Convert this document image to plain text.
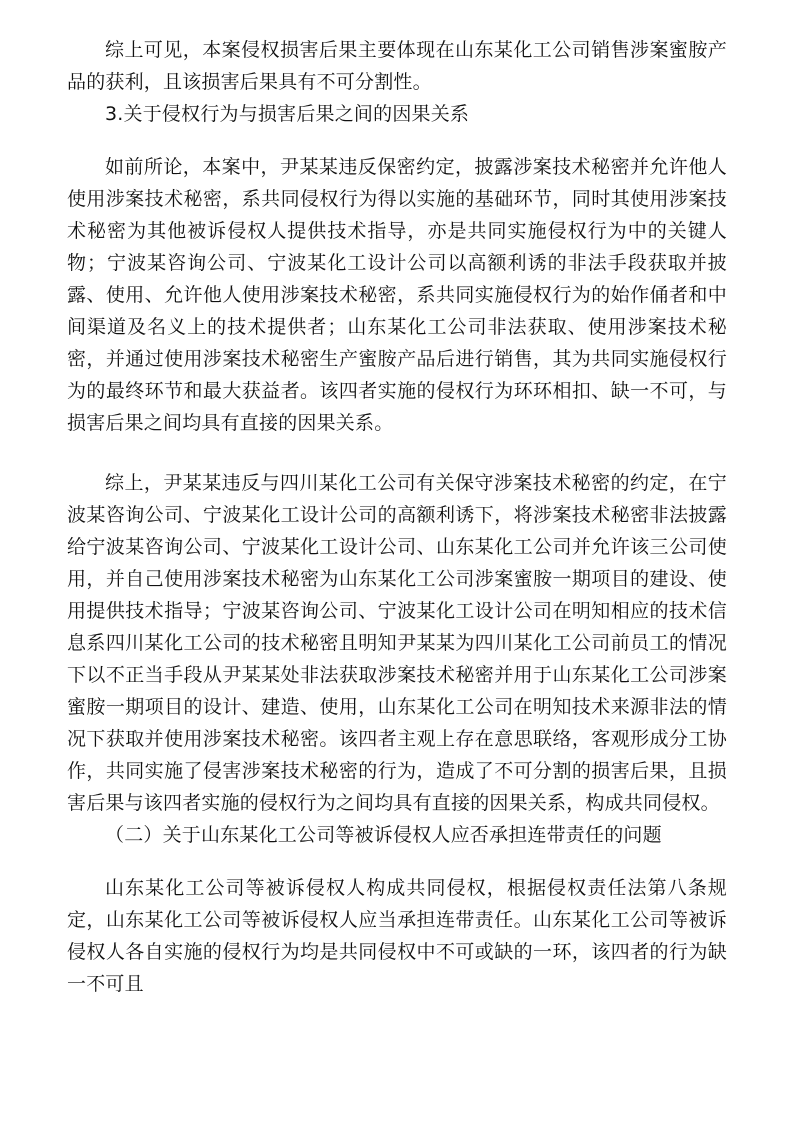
综上可见，本案侵权损害后果主要体现在山东某化工公司销售涉案蜜胺产品的获利，且该损害后果具有不可分割性。

3.关于侵权行为与损害后果之间的因果关系

如前所论，本案中，尹某某违反保密约定，披露涉案技术秘密并允许他人使用涉案技术秘密，系共同侵权行为得以实施的基础环节，同时其使用涉案技术秘密为其他被诉侵权人提供技术指导，亦是共同实施侵权行为中的关键人物；宁波某咨询公司、宁波某化工设计公司以高额利诱的非法手段获取并披露、使用、允许他人使用涉案技术秘密，系共同实施侵权行为的始作俑者和中间渠道及名义上的技术提供者；山东某化工公司非法获取、使用涉案技术秘密，并通过使用涉案技术秘密生产蜜胺产品后进行销售，其为共同实施侵权行为的最终环节和最大获益者。该四者实施的侵权行为环环相扣、缺一不可，与损害后果之间均具有直接的因果关系。

综上，尹某某违反与四川某化工公司有关保守涉案技术秘密的约定，在宁波某咨询公司、宁波某化工设计公司的高额利诱下，将涉案技术秘密非法披露给宁波某咨询公司、宁波某化工设计公司、山东某化工公司并允许该三公司使用，并自己使用涉案技术秘密为山东某化工公司涉案蜜胺一期项目的建设、使用提供技术指导；宁波某咨询公司、宁波某化工设计公司在明知相应的技术信息系四川某化工公司的技术秘密且明知尹某某为四川某化工公司前员工的情况下以不正当手段从尹某某处非法获取涉案技术秘密并用于山东某化工公司涉案蜜胺一期项目的设计、建造、使用，山东某化工公司在明知技术来源非法的情况下获取并使用涉案技术秘密。该四者主观上存在意思联络，客观形成分工协作，共同实施了侵害涉案技术秘密的行为，造成了不可分割的损害后果，且损害后果与该四者实施的侵权行为之间均具有直接的因果关系，构成共同侵权。

（二）关于山东某化工公司等被诉侵权人应否承担连带责任的问题

山东某化工公司等被诉侵权人构成共同侵权，根据侵权责任法第八条规定，山东某化工公司等被诉侵权人应当承担连带责任。山东某化工公司等被诉侵权人各自实施的侵权行为均是共同侵权中不可或缺的一环，该四者的行为缺一不可且
